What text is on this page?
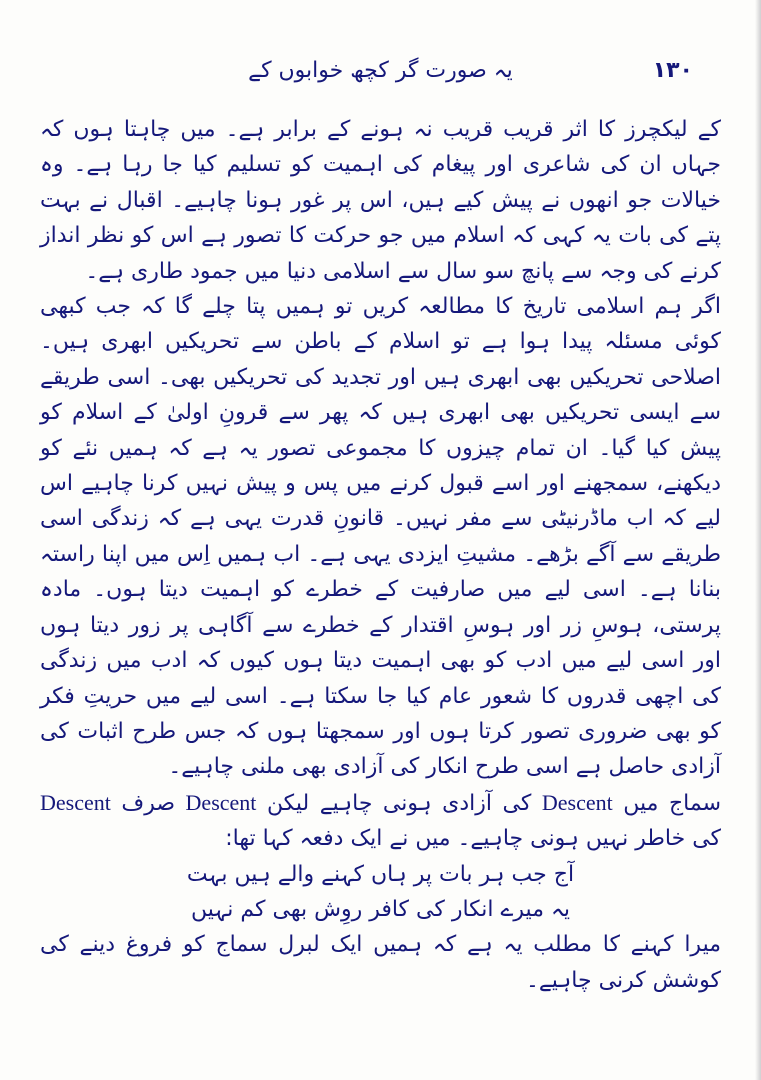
۱۳۰
یہ صورت گر کچھ خوابوں کے

کے لیکچرز کا اثر قریب قریب نہ ہونے کے برابر ہے۔ میں چاہتا ہوں کہ جہاں ان کی شاعری اور پیغام کی اہمیت کو تسلیم کیا جا رہا ہے۔ وہ خیالات جو انھوں نے پیش کیے ہیں، اس پر غور ہونا چاہیے۔ اقبال نے بہت پتے کی بات یہ کہی کہ اسلام میں جو حرکت کا تصور ہے اس کو نظر انداز کرنے کی وجہ سے پانچ سو سال سے اسلامی دنیا میں جمود طاری ہے۔

اگر ہم اسلامی تاریخ کا مطالعہ کریں تو ہمیں پتا چلے گا کہ جب کبھی کوئی مسئلہ پیدا ہوا ہے تو اسلام کے باطن سے تحریکیں ابھری ہیں۔ اصلاحی تحریکیں بھی ابھری ہیں اور تجدید کی تحریکیں بھی۔ اسی طریقے سے ایسی تحریکیں بھی ابھری ہیں کہ پھر سے قرونِ اولیٰ کے اسلام کو پیش کیا گیا۔ ان تمام چیزوں کا مجموعی تصور یہ ہے کہ ہمیں نئے کو دیکھنے، سمجھنے اور اسے قبول کرنے میں پس و پیش نہیں کرنا چاہیے اس لیے کہ اب ماڈرنیٹی سے مفر نہیں۔ قانونِ قدرت یہی ہے کہ زندگی اسی طریقے سے آگے بڑھے۔ مشیتِ ایزدی یہی ہے۔ اب ہمیں اِس میں اپنا راستہ بنانا ہے۔ اسی لیے میں صارفیت کے خطرے کو اہمیت دیتا ہوں۔ مادہ پرستی، ہوسِ زر اور ہوسِ اقتدار کے خطرے سے آگاہی پر زور دیتا ہوں اور اسی لیے میں ادب کو بھی اہمیت دیتا ہوں کیوں کہ ادب میں زندگی کی اچھی قدروں کا شعور عام کیا جا سکتا ہے۔ اسی لیے میں حریتِ فکر کو بھی ضروری تصور کرتا ہوں اور سمجھتا ہوں کہ جس طرح اثبات کی آزادی حاصل ہے اسی طرح انکار کی آزادی بھی ملنی چاہیے۔

سماج میں Descent کی آزادی ہونی چاہیے لیکن Descent صرف Descent کی خاطر نہیں ہونی چاہیے۔ میں نے ایک دفعہ کہا تھا:

آج جب ہر بات پر ہاں کہنے والے ہیں بہت

یہ میرے انکار کی کافر روِش بھی کم نہیں

میرا کہنے کا مطلب یہ ہے کہ ہمیں ایک لبرل سماج کو فروغ دینے کی کوشش کرنی چاہیے۔
